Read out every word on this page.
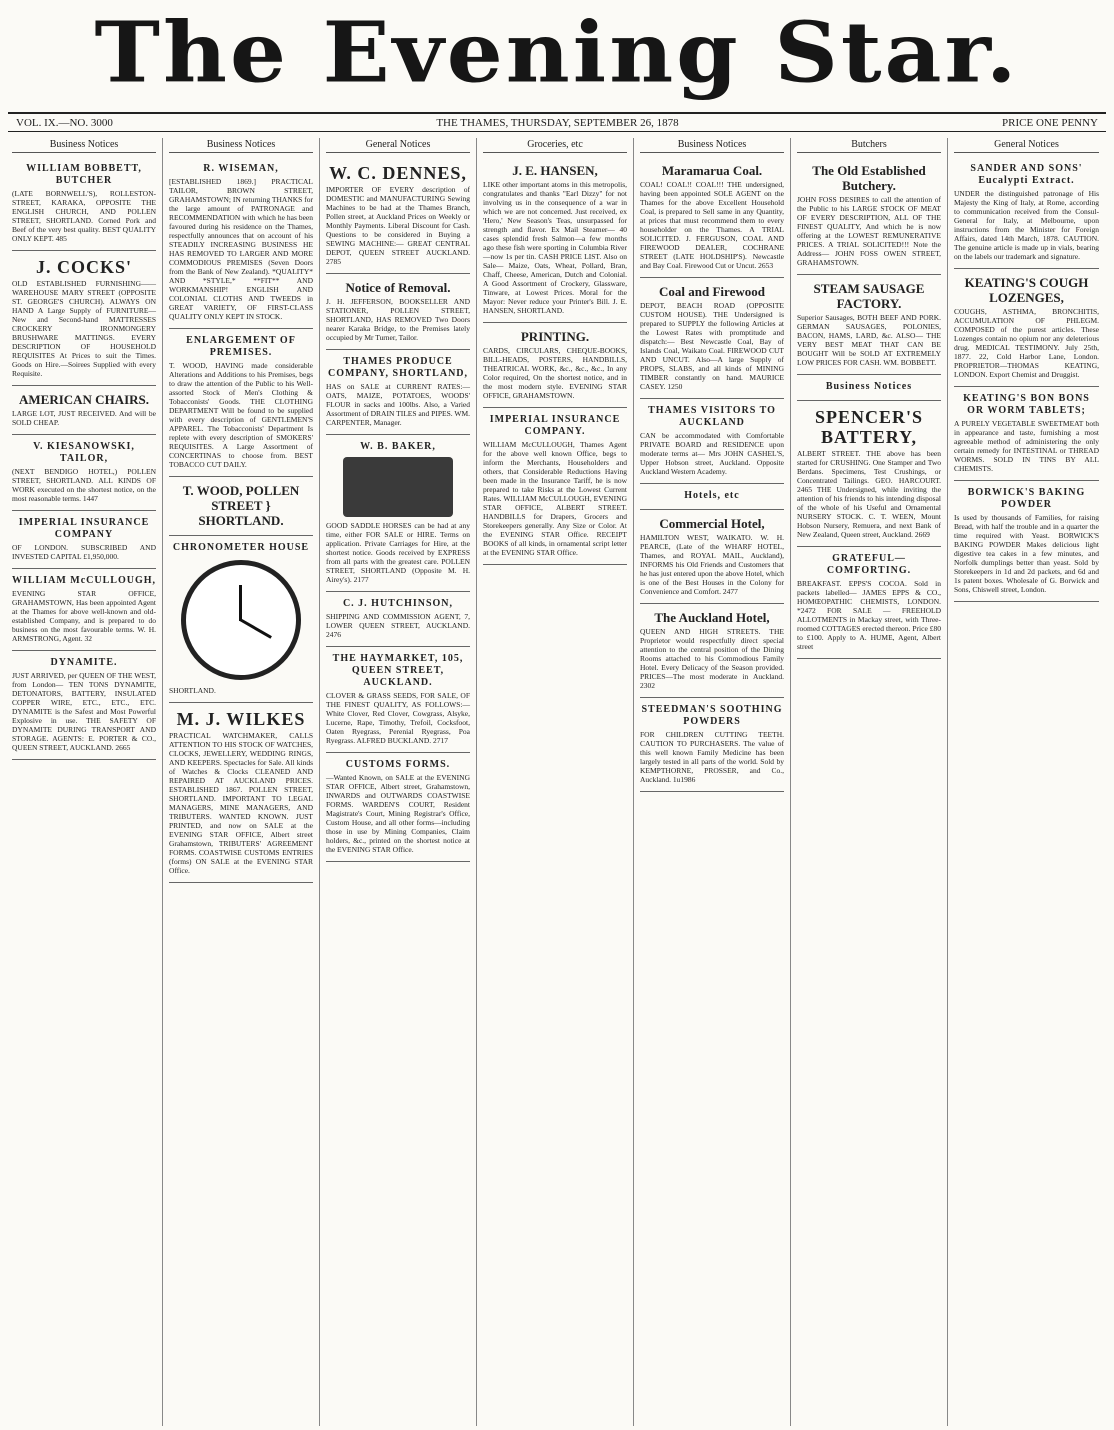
The Evening Star.
VOL. IX.—NO. 3000	THE THAMES, THURSDAY, SEPTEMBER 26, 1878	PRICE ONE PENNY
Business Notices
WILLIAM BOBBETT, BUTCHER

(LATE BORNWELL'S), ROLLESTON-STREET, KARAKA, OPPOSITE THE ENGLISH CHURCH, AND POLLEN STREET, SHORTLAND. Corned Pork and Beef of the very best quality. BEST QUALITY ONLY KEPT. 485

J. COCKS'

OLD ESTABLISHED FURNISHING——WAREHOUSE MARY STREET (OPPOSITE ST. GEORGE'S CHURCH). ALWAYS ON HAND A Large Supply of FURNITURE—New and Second-hand MATTRESSES CROCKERY IRONMONGERY BRUSHWARE MATTINGS. EVERY DESCRIPTION OF HOUSEHOLD REQUISITES At Prices to suit the Times. Goods on Hire.—Soirees Supplied with every Requisite.

AMERICAN CHAIRS.

LARGE LOT, JUST RECEIVED. And will be SOLD CHEAP.

V. KIESANOWSKI, TAILOR,

(NEXT BENDIGO HOTEL,) POLLEN STREET, SHORTLAND. ALL KINDS OF WORK executed on the shortest notice, on the most reasonable terms. 1447

IMPERIAL INSURANCE COMPANY

OF LONDON. SUBSCRIBED AND INVESTED CAPITAL £1,950,000.

WILLIAM McCULLOUGH,

EVENING STAR OFFICE, GRAHAMSTOWN, Has been appointed Agent at the Thames for above well-known and old-established Company, and is prepared to do business on the most favourable terms. W. H. ARMSTRONG, Agent. 32

DYNAMITE.

JUST ARRIVED, per QUEEN OF THE WEST, from London— TEN TONS DYNAMITE, DETONATORS, BATTERY, INSULATED COPPER WIRE, ETC., ETC., ETC. DYNAMITE is the Safest and Most Powerful Explosive in use. THE SAFETY OF DYNAMITE DURING TRANSPORT AND STORAGE. AGENTS: E. PORTER & CO., QUEEN STREET, AUCKLAND. 2665

Business Notices
R. WISEMAN,

[ESTABLISHED 1869.] PRACTICAL TAILOR, BROWN STREET, GRAHAMSTOWN; IN returning THANKS for the large amount of PATRONAGE and RECOMMENDATION with which he has been favoured during his residence on the Thames, respectfully announces that on account of his STEADILY INCREASING BUSINESS HE HAS REMOVED TO LARGER AND MORE COMMODIOUS PREMISES (Seven Doors from the Bank of New Zealand). *QUALITY* AND *STYLE,* **FIT** AND WORKMANSHIP! ENGLISH AND COLONIAL CLOTHS AND TWEEDS in GREAT VARIETY, OF FIRST-CLASS QUALITY ONLY KEPT IN STOCK.

ENLARGEMENT OF PREMISES.

T. WOOD, HAVING made considerable Alterations and Additions to his Premises, begs to draw the attention of the Public to his Well-assorted Stock of Men's Clothing & Tobacconists' Goods. THE CLOTHING DEPARTMENT Will be found to be supplied with every description of GENTLEMEN'S APPAREL. The Tobacconists' Department Is replete with every description of SMOKERS' REQUISITES. A Large Assortment of CONCERTINAS to choose from. BEST TOBACCO CUT DAILY.

T. WOOD, POLLEN STREET } SHORTLAND.
CHRONOMETER HOUSE

SHORTLAND.

M. J. WILKES

PRACTICAL WATCHMAKER, CALLS ATTENTION TO HIS STOCK OF WATCHES, CLOCKS, JEWELLERY, WEDDING RINGS, AND KEEPERS. Spectacles for Sale. All kinds of Watches & Clocks CLEANED AND REPAIRED AT AUCKLAND PRICES. ESTABLISHED 1867. POLLEN STREET, SHORTLAND. IMPORTANT TO LEGAL MANAGERS, MINE MANAGERS, AND TRIBUTERS. WANTED KNOWN. JUST PRINTED, and now on SALE at the EVENING STAR OFFICE, Albert street Grahamstown, TRIBUTERS' AGREEMENT FORMS. COASTWISE CUSTOMS ENTRIES (forms) ON SALE at the EVENING STAR Office.

General Notices
W. C. DENNES,

IMPORTER OF EVERY description of DOMESTIC and MANUFACTURING Sewing Machines to be had at the Thames Branch, Pollen street, at Auckland Prices on Weekly or Monthly Payments. Liberal Discount for Cash. Questions to be considered in Buying a SEWING MACHINE:— GREAT CENTRAL DEPOT, QUEEN STREET AUCKLAND. 2785

Notice of Removal.

J. H. JEFFERSON, BOOKSELLER AND STATIONER, POLLEN STREET, SHORTLAND, HAS REMOVED Two Doors nearer Karaka Bridge, to the Premises lately occupied by Mr Turner, Tailor.

THAMES PRODUCE COMPANY, SHORTLAND,

HAS on SALE at CURRENT RATES:— OATS, MAIZE, POTATOES, WOODS' FLOUR in sacks and 100lbs. Also, a Varied Assortment of DRAIN TILES and PIPES. WM. CARPENTER, Manager.

W. B. BAKER,

GOOD SADDLE HORSES can be had at any time, either FOR SALE or HIRE. Terms on application. Private Carriages for Hire, at the shortest notice. Goods received by EXPRESS from all parts with the greatest care. POLLEN STREET, SHORTLAND (Opposite M. H. Airey's). 2177

C. J. HUTCHINSON,

SHIPPING AND COMMISSION AGENT, 7, LOWER QUEEN STREET, AUCKLAND. 2476

THE HAYMARKET, 105, QUEEN STREET, AUCKLAND.

CLOVER & GRASS SEEDS, FOR SALE, OF THE FINEST QUALITY, AS FOLLOWS:— White Clover, Red Clover, Cowgrass, Alsyke, Lucerne, Rape, Timothy, Trefoil, Cocksfoot, Oaten Ryegrass, Perenial Ryegrass, Poa Ryegrass. ALFRED BUCKLAND. 2717

CUSTOMS FORMS.

—Wanted Known, on SALE at the EVENING STAR OFFICE, Albert street, Grahamstown, INWARDS and OUTWARDS COASTWISE FORMS. WARDEN'S COURT, Resident Magistrate's Court, Mining Registrar's Office, Custom House, and all other forms—including those in use by Mining Companies, Claim holders, &c., printed on the shortest notice at the EVENING STAR Office.

Groceries, etc
J. E. HANSEN,

LIKE other important atoms in this metropolis, congratulates and thanks "Earl Dizzy" for not involving us in the consequence of a war in which we are not concerned. Just received, ex 'Hero,' New Season's Teas, unsurpassed for strength and flavor. Ex Mail Steamer— 40 cases splendid fresh Salmon—a few months ago these fish were sporting in Columbia River—now 1s per tin. CASH PRICE LIST. Also on Sale— Maize, Oats, Wheat, Pollard, Bran, Chaff, Cheese, American, Dutch and Colonial. A Good Assortment of Crockery, Glassware, Tinware, at Lowest Prices. Moral for the Mayor: Never reduce your Printer's Bill. J. E. HANSEN, SHORTLAND.

PRINTING.

CARDS, CIRCULARS, CHEQUE-BOOKS, BILL-HEADS, POSTERS, HANDBILLS, THEATRICAL WORK, &c., &c., &c., In any Color required, On the shortest notice, and in the most modern style. EVENING STAR OFFICE, GRAHAMSTOWN.

IMPERIAL INSURANCE COMPANY.

WILLIAM McCULLOUGH, Thames Agent for the above well known Office, begs to inform the Merchants, Householders and others, that Considerable Reductions Having been made in the Insurance Tariff, he is now prepared to take Risks at the Lowest Current Rates. WILLIAM McCULLOUGH, EVENING STAR OFFICE, ALBERT STREET. HANDBILLS for Drapers, Grocers and Storekeepers generally. Any Size or Color. At the EVENING STAR Office. RECEIPT BOOKS of all kinds, in ornamental script letter at the EVENING STAR Office.

Business Notices
Maramarua Coal.

COAL! COAL!! COAL!!! THE undersigned, having been appointed SOLE AGENT on the Thames for the above Excellent Household Coal, is prepared to Sell same in any Quantity, at prices that must recommend them to every householder on the Thames. A TRIAL SOLICITED. J. FERGUSON, COAL AND FIREWOOD DEALER, COCHRANE STREET (LATE HOLDSHIP'S). Newcastle and Bay Coal. Firewood Cut or Uncut. 2653

Coal and Firewood

DEPOT, BEACH ROAD (OPPOSITE CUSTOM HOUSE). THE Undersigned is prepared to SUPPLY the following Articles at the Lowest Rates with promptitude and dispatch:— Best Newcastle Coal, Bay of Islands Coal, Waikato Coal. FIREWOOD CUT AND UNCUT. Also—A large Supply of PROPS, SLABS, and all kinds of MINING TIMBER constantly on hand. MAURICE CASEY. 1250

THAMES VISITORS TO AUCKLAND

CAN be accommodated with Comfortable PRIVATE BOARD and RESIDENCE upon moderate terms at— Mrs JOHN CASHEL'S, Upper Hobson street, Auckland. Opposite Auckland Western Academy.

Hotels, etc
Commercial Hotel,

HAMILTON WEST, WAIKATO. W. H. PEARCE, (Late of the WHARF HOTEL, Thames, and ROYAL MAIL, Auckland), INFORMS his Old Friends and Customers that he has just entered upon the above Hotel, which is one of the Best Houses in the Colony for Convenience and Comfort. 2477

The Auckland Hotel,

QUEEN AND HIGH STREETS. THE Proprietor would respectfully direct special attention to the central position of the Dining Rooms attached to his Commodious Family Hotel. Every Delicacy of the Season provided. PRICES—The most moderate in Auckland. 2302

STEEDMAN'S SOOTHING POWDERS

FOR CHILDREN CUTTING TEETH. CAUTION TO PURCHASERS. The value of this well known Family Medicine has been largely tested in all parts of the world. Sold by KEMPTHORNE, PROSSER, and Co., Auckland. 1u1986

Butchers
The Old Established Butchery.

JOHN FOSS DESIRES to call the attention of the Public to his LARGE STOCK OF MEAT OF EVERY DESCRIPTION, ALL OF THE FINEST QUALITY, And which he is now offering at the LOWEST REMUNERATIVE PRICES. A TRIAL SOLICITED!!! Note the Address— JOHN FOSS OWEN STREET, GRAHAMSTOWN.

STEAM SAUSAGE FACTORY.

Superior Sausages, BOTH BEEF AND PORK. GERMAN SAUSAGES, POLONIES, BACON, HAMS, LARD, &c. ALSO— THE VERY BEST MEAT THAT CAN BE BOUGHT Will be SOLD AT EXTREMELY LOW PRICES FOR CASH. WM. BOBBETT.

Business Notices
SPENCER'S BATTERY,

ALBERT STREET. THE above has been started for CRUSHING. One Stamper and Two Berdans. Specimens, Test Crushings, or Concentrated Tailings. GEO. HARCOURT. 2465 THE Undersigned, while inviting the attention of his friends to his intending disposal of the whole of his Useful and Ornamental NURSERY STOCK. C. T. WEEN, Mount Hobson Nursery, Remuera, and next Bank of New Zealand, Queen street, Auckland. 2669

GRATEFUL—COMFORTING.

BREAKFAST. EPPS'S COCOA. Sold in packets labelled— JAMES EPPS & CO., HOMŒOPATHIC CHEMISTS, LONDON. *2472 FOR SALE — FREEHOLD ALLOTMENTS in Mackay street, with Three-roomed COTTAGES erected thereon. Price £80 to £100. Apply to A. HUME, Agent, Albert street

General Notices
SANDER AND SONS' Eucalypti Extract.

UNDER the distinguished patronage of His Majesty the King of Italy, at Rome, according to communication received from the Consul-General for Italy, at Melbourne, upon instructions from the Minister for Foreign Affairs, dated 14th March, 1878. CAUTION. The genuine article is made up in vials, bearing on the labels our trademark and signature.

KEATING'S COUGH LOZENGES,

COUGHS, ASTHMA, BRONCHITIS, ACCUMULATION OF PHLEGM. COMPOSED of the purest articles. These Lozenges contain no opium nor any deleterious drug. MEDICAL TESTIMONY. July 25th, 1877. 22, Cold Harbor Lane, London. PROPRIETOR—THOMAS KEATING, LONDON. Export Chemist and Druggist.

KEATING'S BON BONS OR WORM TABLETS;

A PURELY VEGETABLE SWEETMEAT both in appearance and taste, furnishing a most agreeable method of administering the only certain remedy for INTESTINAL or THREAD WORMS. SOLD IN TINS BY ALL CHEMISTS.

BORWICK'S BAKING POWDER

Is used by thousands of Families, for raising Bread, with half the trouble and in a quarter the time required with Yeast. BORWICK'S BAKING POWDER Makes delicious light digestive tea cakes in a few minutes, and Norfolk dumplings better than yeast. Sold by Storekeepers in 1d and 2d packets, and 6d and 1s patent boxes. Wholesale of G. Borwick and Sons, Chiswell street, London.
